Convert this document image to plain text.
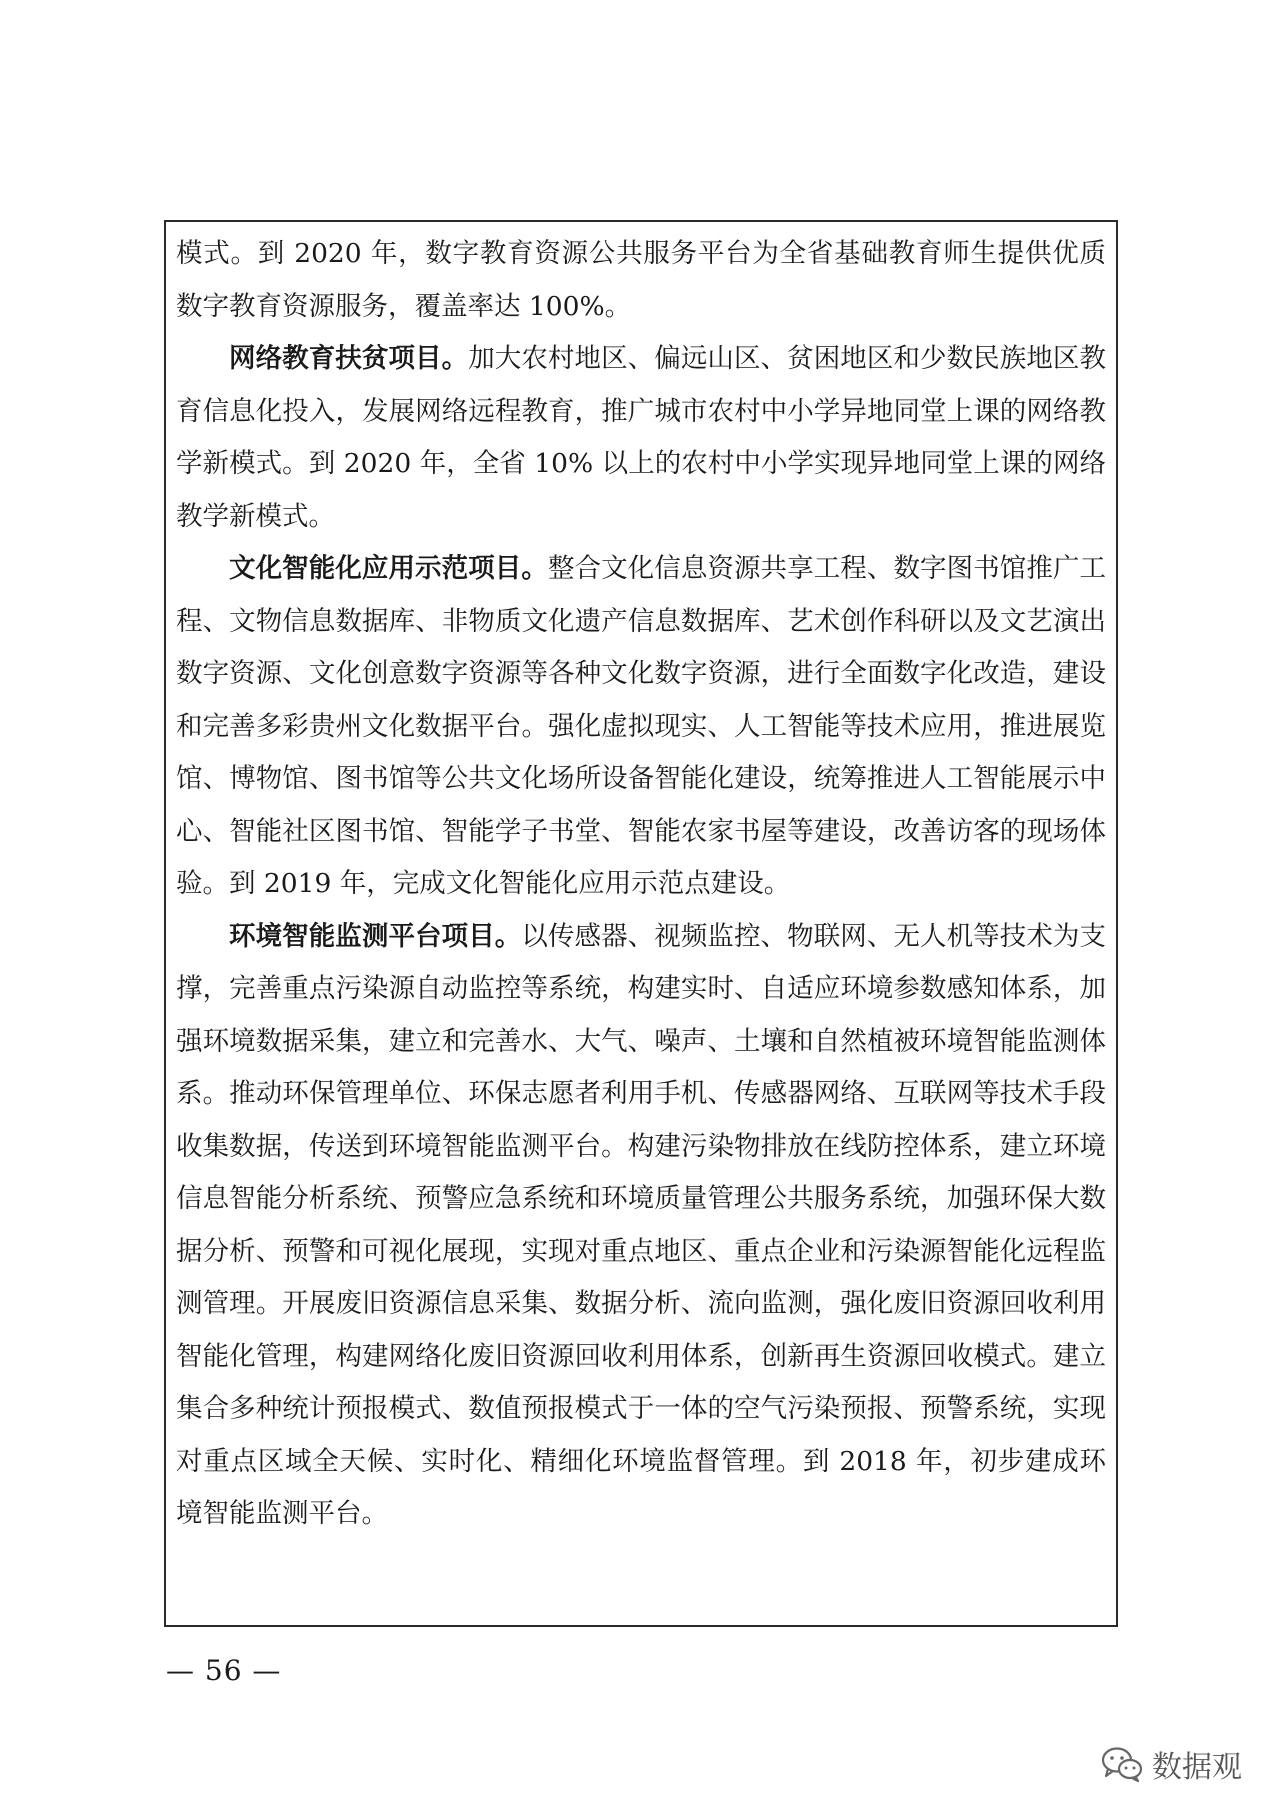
模式。到 2020 年，数字教育资源公共服务平台为全省基础教育师生提供优质数字教育资源服务，覆盖率达 100%。

网络教育扶贫项目。加大农村地区、偏远山区、贫困地区和少数民族地区教育信息化投入，发展网络远程教育，推广城市农村中小学异地同堂上课的网络教学新模式。到 2020 年，全省 10% 以上的农村中小学实现异地同堂上课的网络教学新模式。

文化智能化应用示范项目。整合文化信息资源共享工程、数字图书馆推广工程、文物信息数据库、非物质文化遗产信息数据库、艺术创作科研以及文艺演出数字资源、文化创意数字资源等各种文化数字资源，进行全面数字化改造，建设和完善多彩贵州文化数据平台。强化虚拟现实、人工智能等技术应用，推进展览馆、博物馆、图书馆等公共文化场所设备智能化建设，统筹推进人工智能展示中心、智能社区图书馆、智能学子书堂、智能农家书屋等建设，改善访客的现场体验。到 2019 年，完成文化智能化应用示范点建设。

环境智能监测平台项目。以传感器、视频监控、物联网、无人机等技术为支撑，完善重点污染源自动监控等系统，构建实时、自适应环境参数感知体系，加强环境数据采集，建立和完善水、大气、噪声、土壤和自然植被环境智能监测体系。推动环保管理单位、环保志愿者利用手机、传感器网络、互联网等技术手段收集数据，传送到环境智能监测平台。构建污染物排放在线防控体系，建立环境信息智能分析系统、预警应急系统和环境质量管理公共服务系统，加强环保大数据分析、预警和可视化展现，实现对重点地区、重点企业和污染源智能化远程监测管理。开展废旧资源信息采集、数据分析、流向监测，强化废旧资源回收利用智能化管理，构建网络化废旧资源回收利用体系，创新再生资源回收模式。建立集合多种统计预报模式、数值预报模式于一体的空气污染预报、预警系统，实现对重点区域全天候、实时化、精细化环境监督管理。到 2018 年，初步建成环境智能监测平台。

— 56 —
数据观
